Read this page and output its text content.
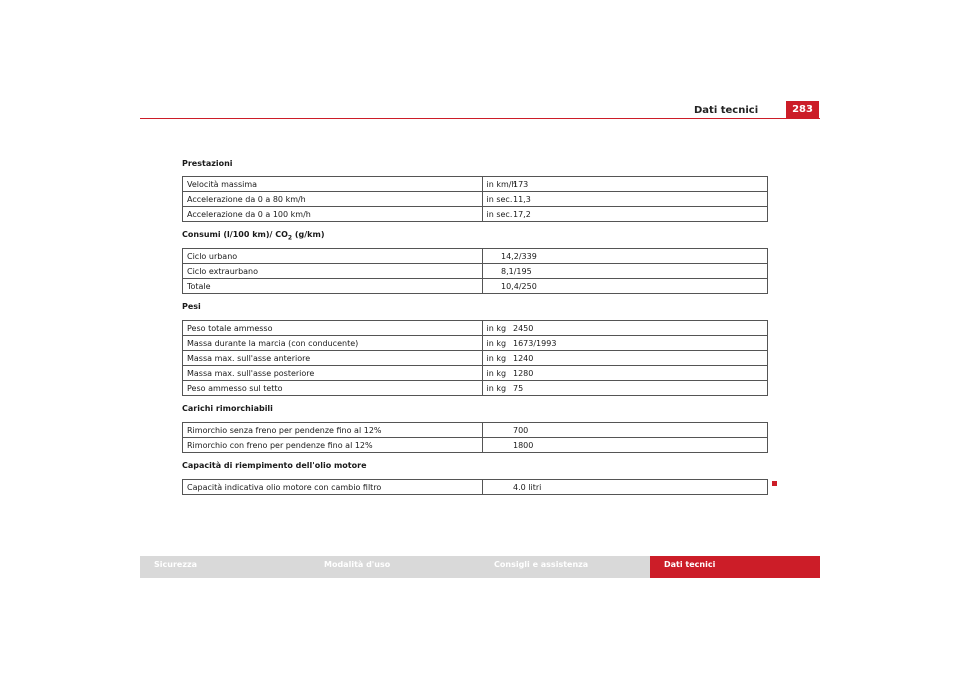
Dati tecnici	283

Prestazioni

Velocità massima	in km/h	173
Accelerazione da 0 a 80 km/h	in sec.	11,3
Accelerazione da 0 a 100 km/h	in sec.	17,2

Consumi (l/100 km)/ $CO_2$ (g/km)

Ciclo urbano	14,2/339
Ciclo extraurbano	8,1/195
Totale	10,4/250

Pesi

Peso totale ammesso	in kg	2450
Massa durante la marcia (con conducente)	in kg	1673/1993
Massa max. sull'asse anteriore	in kg	1240
Massa max. sull'asse posteriore	in kg	1280
Peso ammesso sul tetto	in kg	75

Carichi rimorchiabili

Rimorchio senza freno per pendenze fino al 12%	700
Rimorchio con freno per pendenze fino al 12%	1800

Capacità di riempimento dell'olio motore

Capacità indicativa olio motore con cambio filtro	4.0 litri
Sicurezza	Modalità d'uso	Consigli e assistenza	Dati tecnici
